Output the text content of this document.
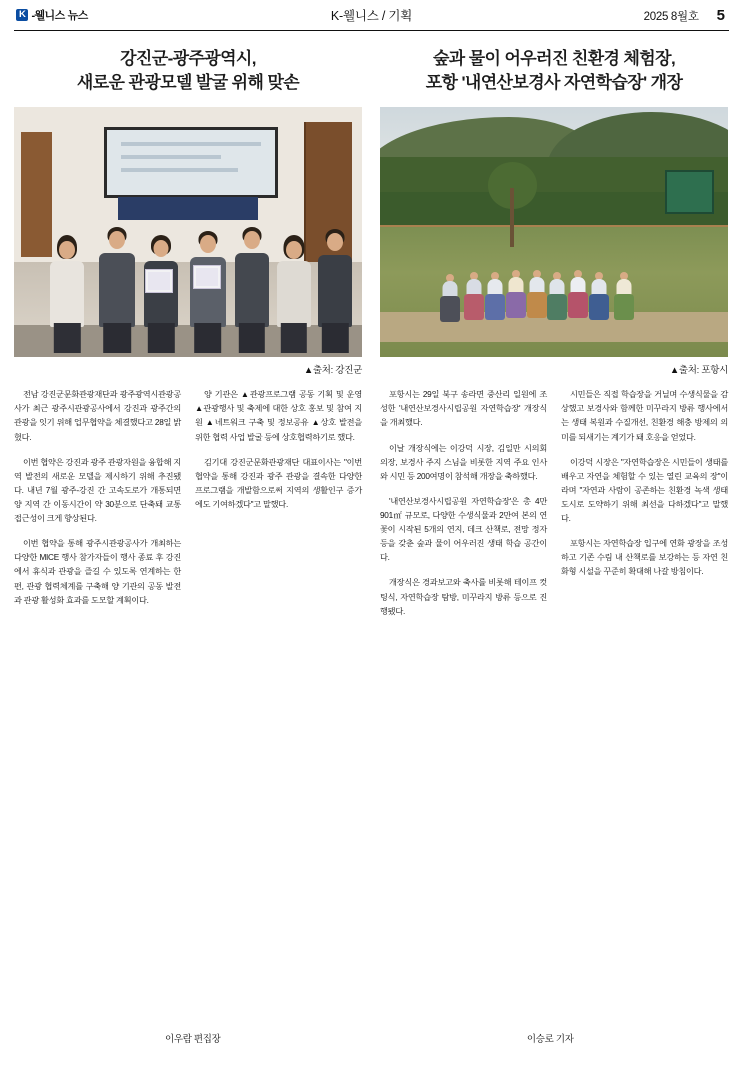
K -웰니스 뉴스	K-웰니스 / 기획	2025 8월호 5
강진군-광주광역시,
새로운 관광모델 발굴 위해 맞손
▲출처: 강진군

전남 강진군문화관광재단과 광주광역시관광공사가 최근 광주시관광공사에서 강진과 광주간의 관광을 잇기 위해 업무협약을 체결했다고 28일 밝혔다.

이번 협약은 강진과 광주 관광자원을 융합해 지역 발전의 새로운 모델을 제시하기 위해 추진됐다. 내년 7월 광주-강진 간 고속도로가 개통되면 양 지역 간 이동시간이 약 30분으로 단축돼 교통 접근성이 크게 향상된다.

이번 협약을 통해 광주시관광공사가 개최하는 다양한 MICE 행사 참가자들이 행사 종료 후 강진에서 휴식과 관광을 즐길 수 있도록 연계하는 한편, 관광 협력체계를 구축해 양 기관의 공동 발전과 관광 활성화 효과를 도모할 계획이다.

양 기관은 ▲관광프로그램 공동 기획 및 운영 ▲관광행사 및 축제에 대한 상호 홍보 및 참여 지원 ▲네트워크 구축 및 정보공유 ▲상호 발전을 위한 협력 사업 발굴 등에 상호협력하기로 했다.

김기대 강진군문화관광재단 대표이사는 "이번 협약을 통해 강진과 광주 관광을 결속한 다양한 프로그램을 개발함으로써 지역의 생활인구 증가에도 기여하겠다"고 말했다.

숲과 물이 어우러진 친환경 체험장,
포항 '내연산보경사 자연학습장' 개장
▲출처: 포항시

포항시는 29일 북구 송라면 중산리 일원에 조성한 '내연산보경사시립공원 자연학습장' 개장식을 개최했다.

이날 개장식에는 이강덕 시장, 김일만 시의회 의장, 보경사 주지 스님을 비롯한 지역 주요 인사와 시민 등 200여명이 참석해 개장을 축하했다.

'내연산보경사시립공원 자연학습장'은 총 4만 901㎡ 규모로, 다양한 수생식물과 2만여 본의 연꽃이 시작된 5개의 연지, 데크 산책로, 전망 정자 등을 갖춘 숲과 물이 어우러진 생태 학습 공간이다.

개장식은 경과보고와 축사를 비롯해 테이프 컷팅식, 자연학습장 탐방, 미꾸라지 방류 등으로 진행됐다.

시민들은 직접 학습장을 거닐며 수생식물을 감상했고 보경사와 함께한 미꾸라지 방류 행사에서는 생태 복원과 수질개선, 친환경 해충 방제의 의미를 되새기는 계기가 돼 호응을 얻었다.

이강덕 시장은 "자연학습장은 시민들이 생태를 배우고 자연을 체험할 수 있는 열린 교육의 장"이라며 "자연과 사람이 공존하는 친환경 녹색 생태도시로 도약하기 위해 최선을 다하겠다"고 말했다.

포항시는 자연학습장 입구에 연화 광장을 조성하고 기존 수림 내 산책로를 보강하는 등 자연 친화형 시설을 꾸준히 확대해 나갈 방침이다.

이우람 편집장	이승로 기자
